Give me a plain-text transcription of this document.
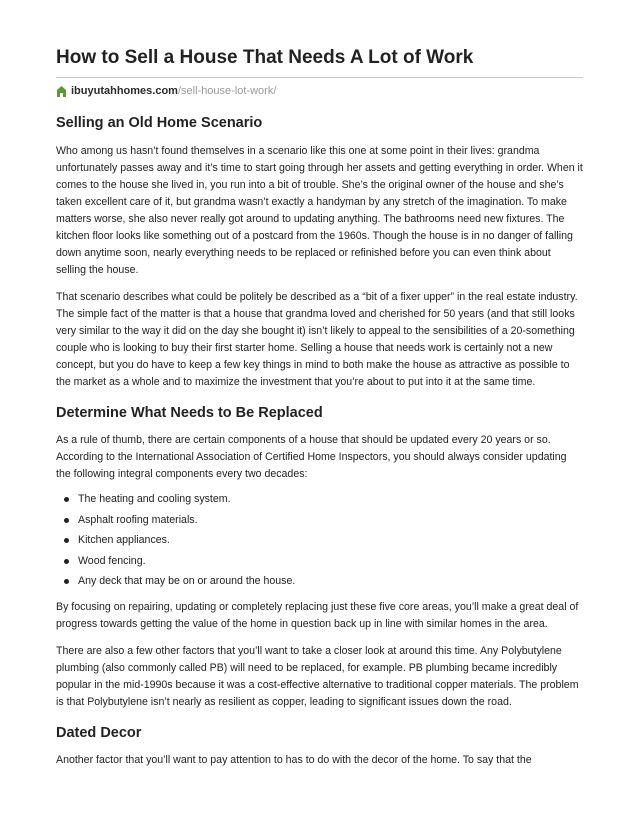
How to Sell a House That Needs A Lot of Work
ibuyutahhomes.com /sell-house-lot-work/
Selling an Old Home Scenario

Who among us hasn’t found themselves in a scenario like this one at some point in their lives: grandma unfortunately passes away and it’s time to start going through her assets and getting everything in order. When it comes to the house she lived in, you run into a bit of trouble. She’s the original owner of the house and she’s taken excellent care of it, but grandma wasn’t exactly a handyman by any stretch of the imagination. To make matters worse, she also never really got around to updating anything. The bathrooms need new fixtures. The kitchen floor looks like something out of a postcard from the 1960s. Though the house is in no danger of falling down anytime soon, nearly everything needs to be replaced or refinished before you can even think about selling the house.

That scenario describes what could be politely be described as a “bit of a fixer upper” in the real estate industry. The simple fact of the matter is that a house that grandma loved and cherished for 50 years (and that still looks very similar to the way it did on the day she bought it) isn’t likely to appeal to the sensibilities of a 20-something couple who is looking to buy their first starter home. Selling a house that needs work is certainly not a new concept, but you do have to keep a few key things in mind to both make the house as attractive as possible to the market as a whole and to maximize the investment that you’re about to put into it at the same time.

Determine What Needs to Be Replaced

As a rule of thumb, there are certain components of a house that should be updated every 20 years or so. According to the International Association of Certified Home Inspectors, you should always consider updating the following integral components every two decades:

The heating and cooling system.
Asphalt roofing materials.
Kitchen appliances.
Wood fencing.
Any deck that may be on or around the house.

By focusing on repairing, updating or completely replacing just these five core areas, you’ll make a great deal of progress towards getting the value of the home in question back up in line with similar homes in the area.

There are also a few other factors that you’ll want to take a closer look at around this time. Any Polybutylene plumbing (also commonly called PB) will need to be replaced, for example. PB plumbing became incredibly popular in the mid-1990s because it was a cost-effective alternative to traditional copper materials. The problem is that Polybutylene isn’t nearly as resilient as copper, leading to significant issues down the road.

Dated Decor

Another factor that you’ll want to pay attention to has to do with the decor of the home. To say that the
